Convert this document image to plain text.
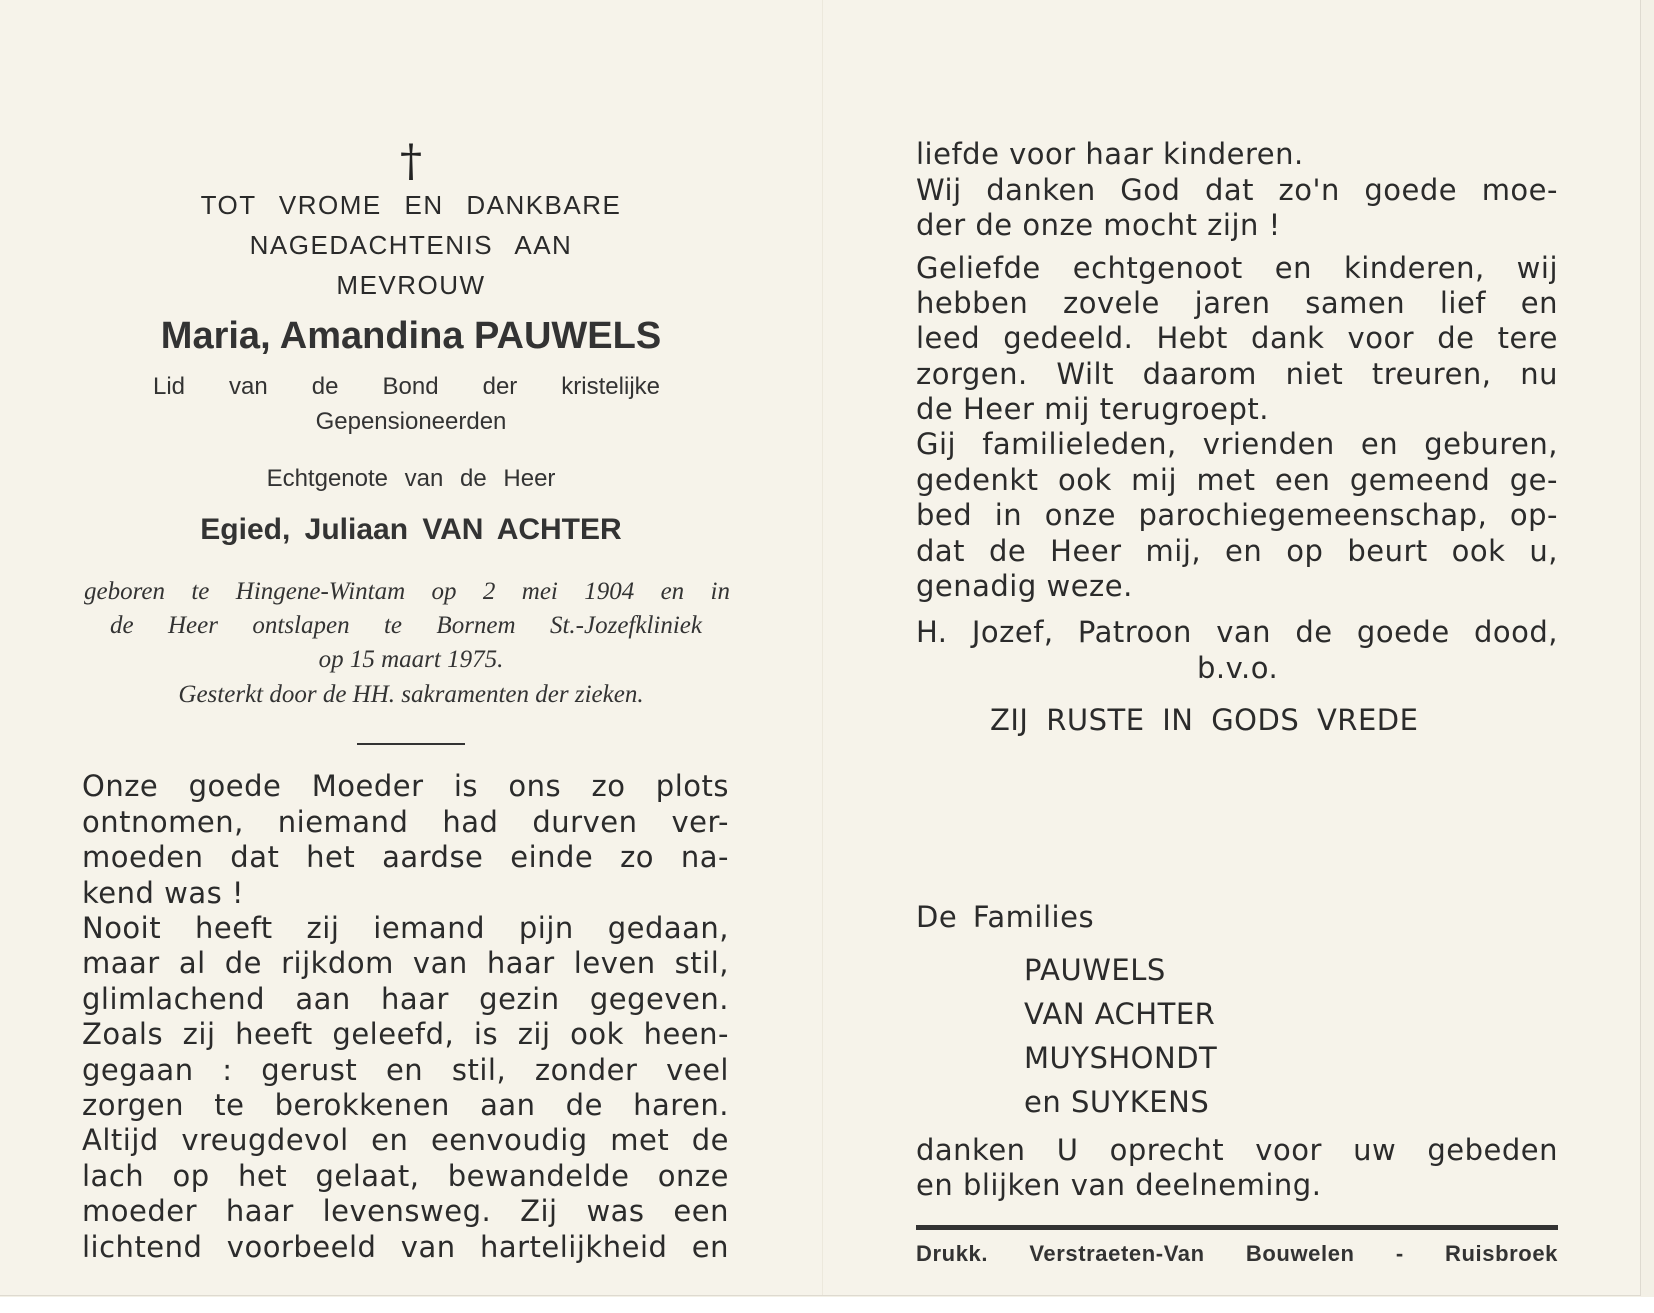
†
TOT VROME EN DANKBARE
NAGEDACHTENIS AAN
MEVROUW
Maria, Amandina PAUWELS
Lid van de Bond der kristelijke
Gepensioneerden
Echtgenote van de Heer
Egied, Juliaan VAN ACHTER
geboren te Hingene-Wintam op 2 mei 1904 en in
de Heer ontslapen te Bornem St.-Jozefkliniek
op 15 maart 1975.
Gesterkt door de HH. sakramenten der zieken.
Onze goede Moeder is ons zo plots
ontnomen, niemand had durven ver-
moeden dat het aardse einde zo na-
kend was !
Nooit heeft zij iemand pijn gedaan,
maar al de rijkdom van haar leven stil,
glimlachend aan haar gezin gegeven.
Zoals zij heeft geleefd, is zij ook heen-
gegaan : gerust en stil, zonder veel
zorgen te berokkenen aan de haren.
Altijd vreugdevol en eenvoudig met de
lach op het gelaat, bewandelde onze
moeder haar levensweg. Zij was een
lichtend voorbeeld van hartelijkheid en
liefde voor haar kinderen.
Wij danken God dat zo'n goede moe-
der de onze mocht zijn !
Geliefde echtgenoot en kinderen, wij
hebben zovele jaren samen lief en
leed gedeeld. Hebt dank voor de tere
zorgen. Wilt daarom niet treuren, nu
de Heer mij terugroept.
Gij familieleden, vrienden en geburen,
gedenkt ook mij met een gemeend ge-
bed in onze parochiegemeenschap, op-
dat de Heer mij, en op beurt ook u,
genadig weze.
H. Jozef, Patroon van de goede dood,
b.v.o.
ZIJ RUSTE IN GODS VREDE
De Families
PAUWELS
VAN ACHTER
MUYSHONDT
en SUYKENS
danken U oprecht voor uw gebeden
en blijken van deelneming.
Drukk. Verstraeten-Van Bouwelen - Ruisbroek
